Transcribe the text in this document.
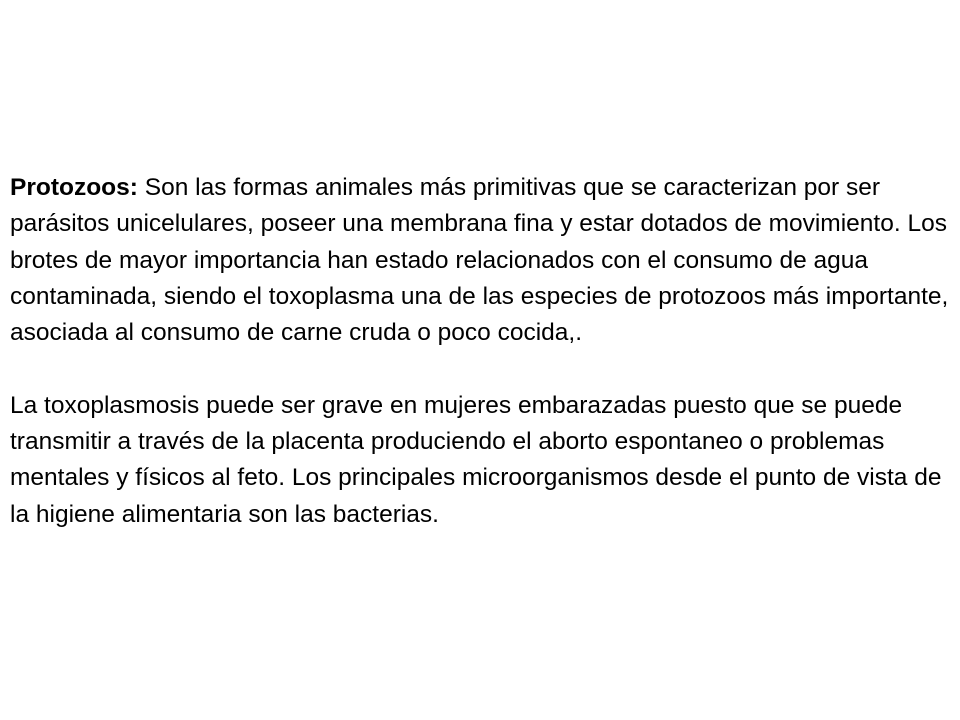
Protozoos: Son las formas animales más primitivas que se caracterizan por ser parásitos unicelulares, poseer una membrana fina y estar dotados de movimiento. Los brotes de mayor importancia han estado relacionados con el consumo de agua contaminada, siendo el toxoplasma una de las especies de protozoos más importante, asociada al consumo de carne cruda o poco cocida,.

La toxoplasmosis puede ser grave en mujeres embarazadas puesto que se puede transmitir a través de la placenta produciendo el aborto espontaneo o problemas mentales y físicos al feto. Los principales microorganismos desde el punto de vista de la higiene alimentaria son las bacterias.
